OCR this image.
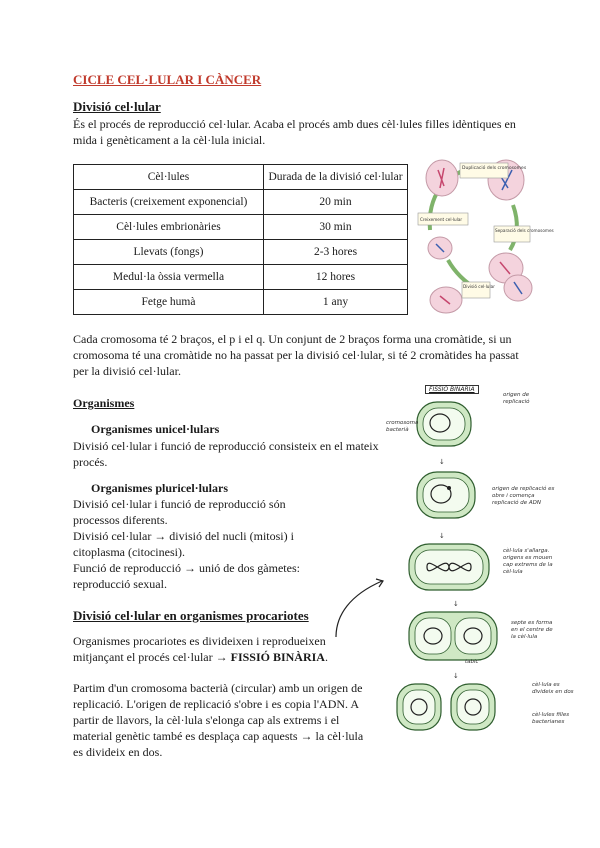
CICLE CEL·LULAR I CÀNCER
Divisió cel·lular
És el procés de reproducció cel·lular. Acaba el procés amb dues cèl·lules filles idèntiques en mida i genèticament a la cèl·lula inicial.
Cèl·lules	Durada de la divisió cel·lular
Bacteris (creixement exponencial)	20 min
Cèl·lules embrionàries	30 min
Llevats (fongs)	2-3 hores
Medul·la òssia vermella	12 hores
Fetge humà	1 any
Duplicació dels cromosomes
Separació dels cromosomes
Divisió cel·lular
Creixement cel·lular
Cada cromosoma té 2 braços, el p i el q. Un conjunt de 2 braços forma una cromàtide, si un cromosoma té una cromàtide no ha passat per la divisió cel·lular, si té 2 cromàtides ha passat per la divisió cel·lular.
Organismes
Organismes unicel·lulars
Divisió cel·lular i funció de reproducció consisteix en el mateix procés.
Organismes pluricel·lulars
Divisió cel·lular i funció de reproducció són processos diferents.
Divisió cel·lular → divisió del nucli (mitosi) i citoplasma (citocinesi).
Funció de reproducció → unió de dos gàmetes: reproducció sexual.
Divisió cel·lular en organismes procariotes
Organismes procariotes es divideixen i reprodueixen mitjançant el procés cel·lular → FISSIÓ BINÀRIA.
Partim d'un cromosoma bacterià (circular) amb un origen de replicació. L'origen de replicació s'obre i es copia l'ADN. A partir de llavors, la cèl·lula s'elonga cap als extrems i el material genètic també es desplaça cap aquests → la cèl·lula es divideix en dos.
FISSIÓ BINÀRIA
↓
↓
↓
↓
origen de replicació
cromosoma bacterià
origen de replicació es obre i comença replicació de ADN
cèl·lula s'allarga. origens es mouen cap extrems de la cèl·lula
septe es forma en el centre de la cèl·lula
tabic
cèl·lula es divideix en dos
cèl·lules filles bacterianes
